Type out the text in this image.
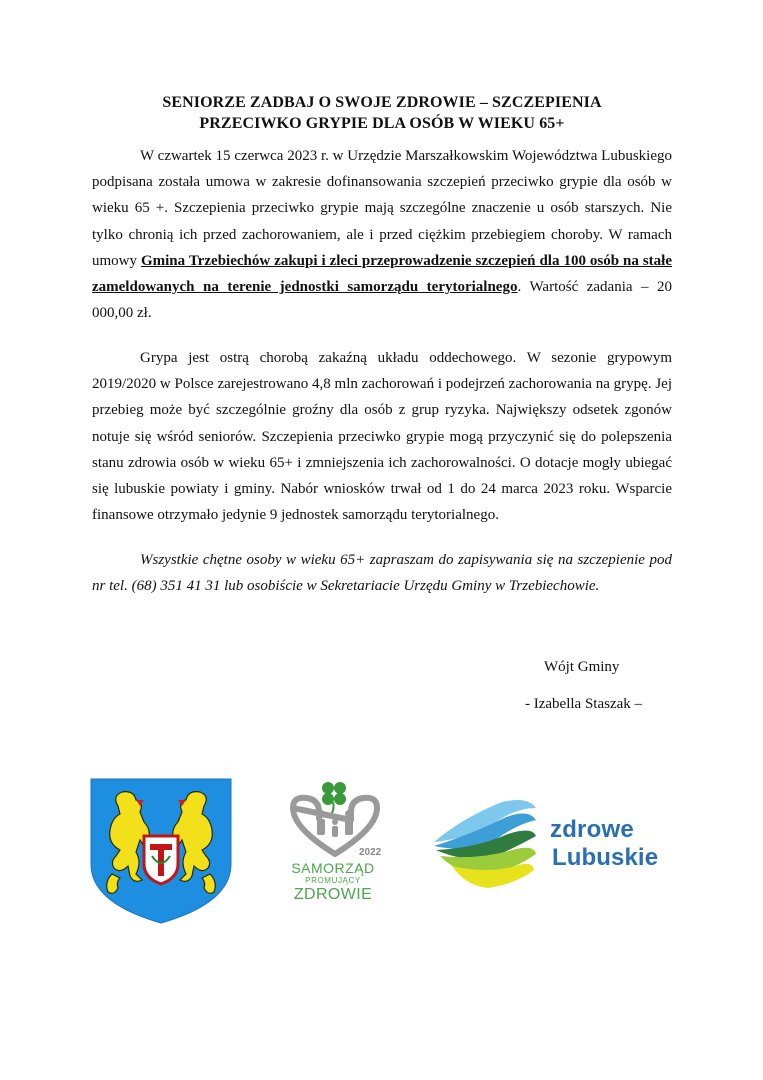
SENIORZE ZADBAJ O SWOJE ZDROWIE – SZCZEPIENIA
PRZECIWKO GRYPIE DLA OSÓB W WIEKU 65+

W czwartek 15 czerwca 2023 r. w Urzędzie Marszałkowskim Województwa Lubuskiego podpisana została umowa w zakresie dofinansowania szczepień przeciwko grypie dla osób w wieku 65 +. Szczepienia przeciwko grypie mają szczególne znaczenie u osób starszych. Nie tylko chronią ich przed zachorowaniem, ale i przed ciężkim przebiegiem choroby. W ramach umowy Gmina Trzebiechów zakupi i zleci przeprowadzenie szczepień dla 100 osób na stałe zameldowanych na terenie jednostki samorządu terytorialnego. Wartość zadania – 20 000,00 zł.

Grypa jest ostrą chorobą zakaźną układu oddechowego. W sezonie grypowym 2019/2020 w Polsce zarejestrowano 4,8 mln zachorowań i podejrzeń zachorowania na grypę. Jej przebieg może być szczególnie groźny dla osób z grup ryzyka. Największy odsetek zgonów notuje się wśród seniorów. Szczepienia przeciwko grypie mogą przyczynić się do polepszenia stanu zdrowia osób w wieku 65+ i zmniejszenia ich zachorowalności. O dotacje mogły ubiegać się lubuskie powiaty i gminy. Nabór wniosków trwał od 1 do 24 marca 2023 roku. Wsparcie finansowe otrzymało jedynie 9 jednostek samorządu terytorialnego.

Wszystkie chętne osoby w wieku 65+ zapraszam do zapisywania się na szczepienie pod nr tel. (68) 351 41 31 lub osobiście w Sekretariacie Urzędu Gminy w Trzebiechowie.

Wójt Gminy
- Izabella Staszak –
2022
SAMORZĄD
PROMUJĄCY
ZDROWIE
zdrowe
Lubuskie
